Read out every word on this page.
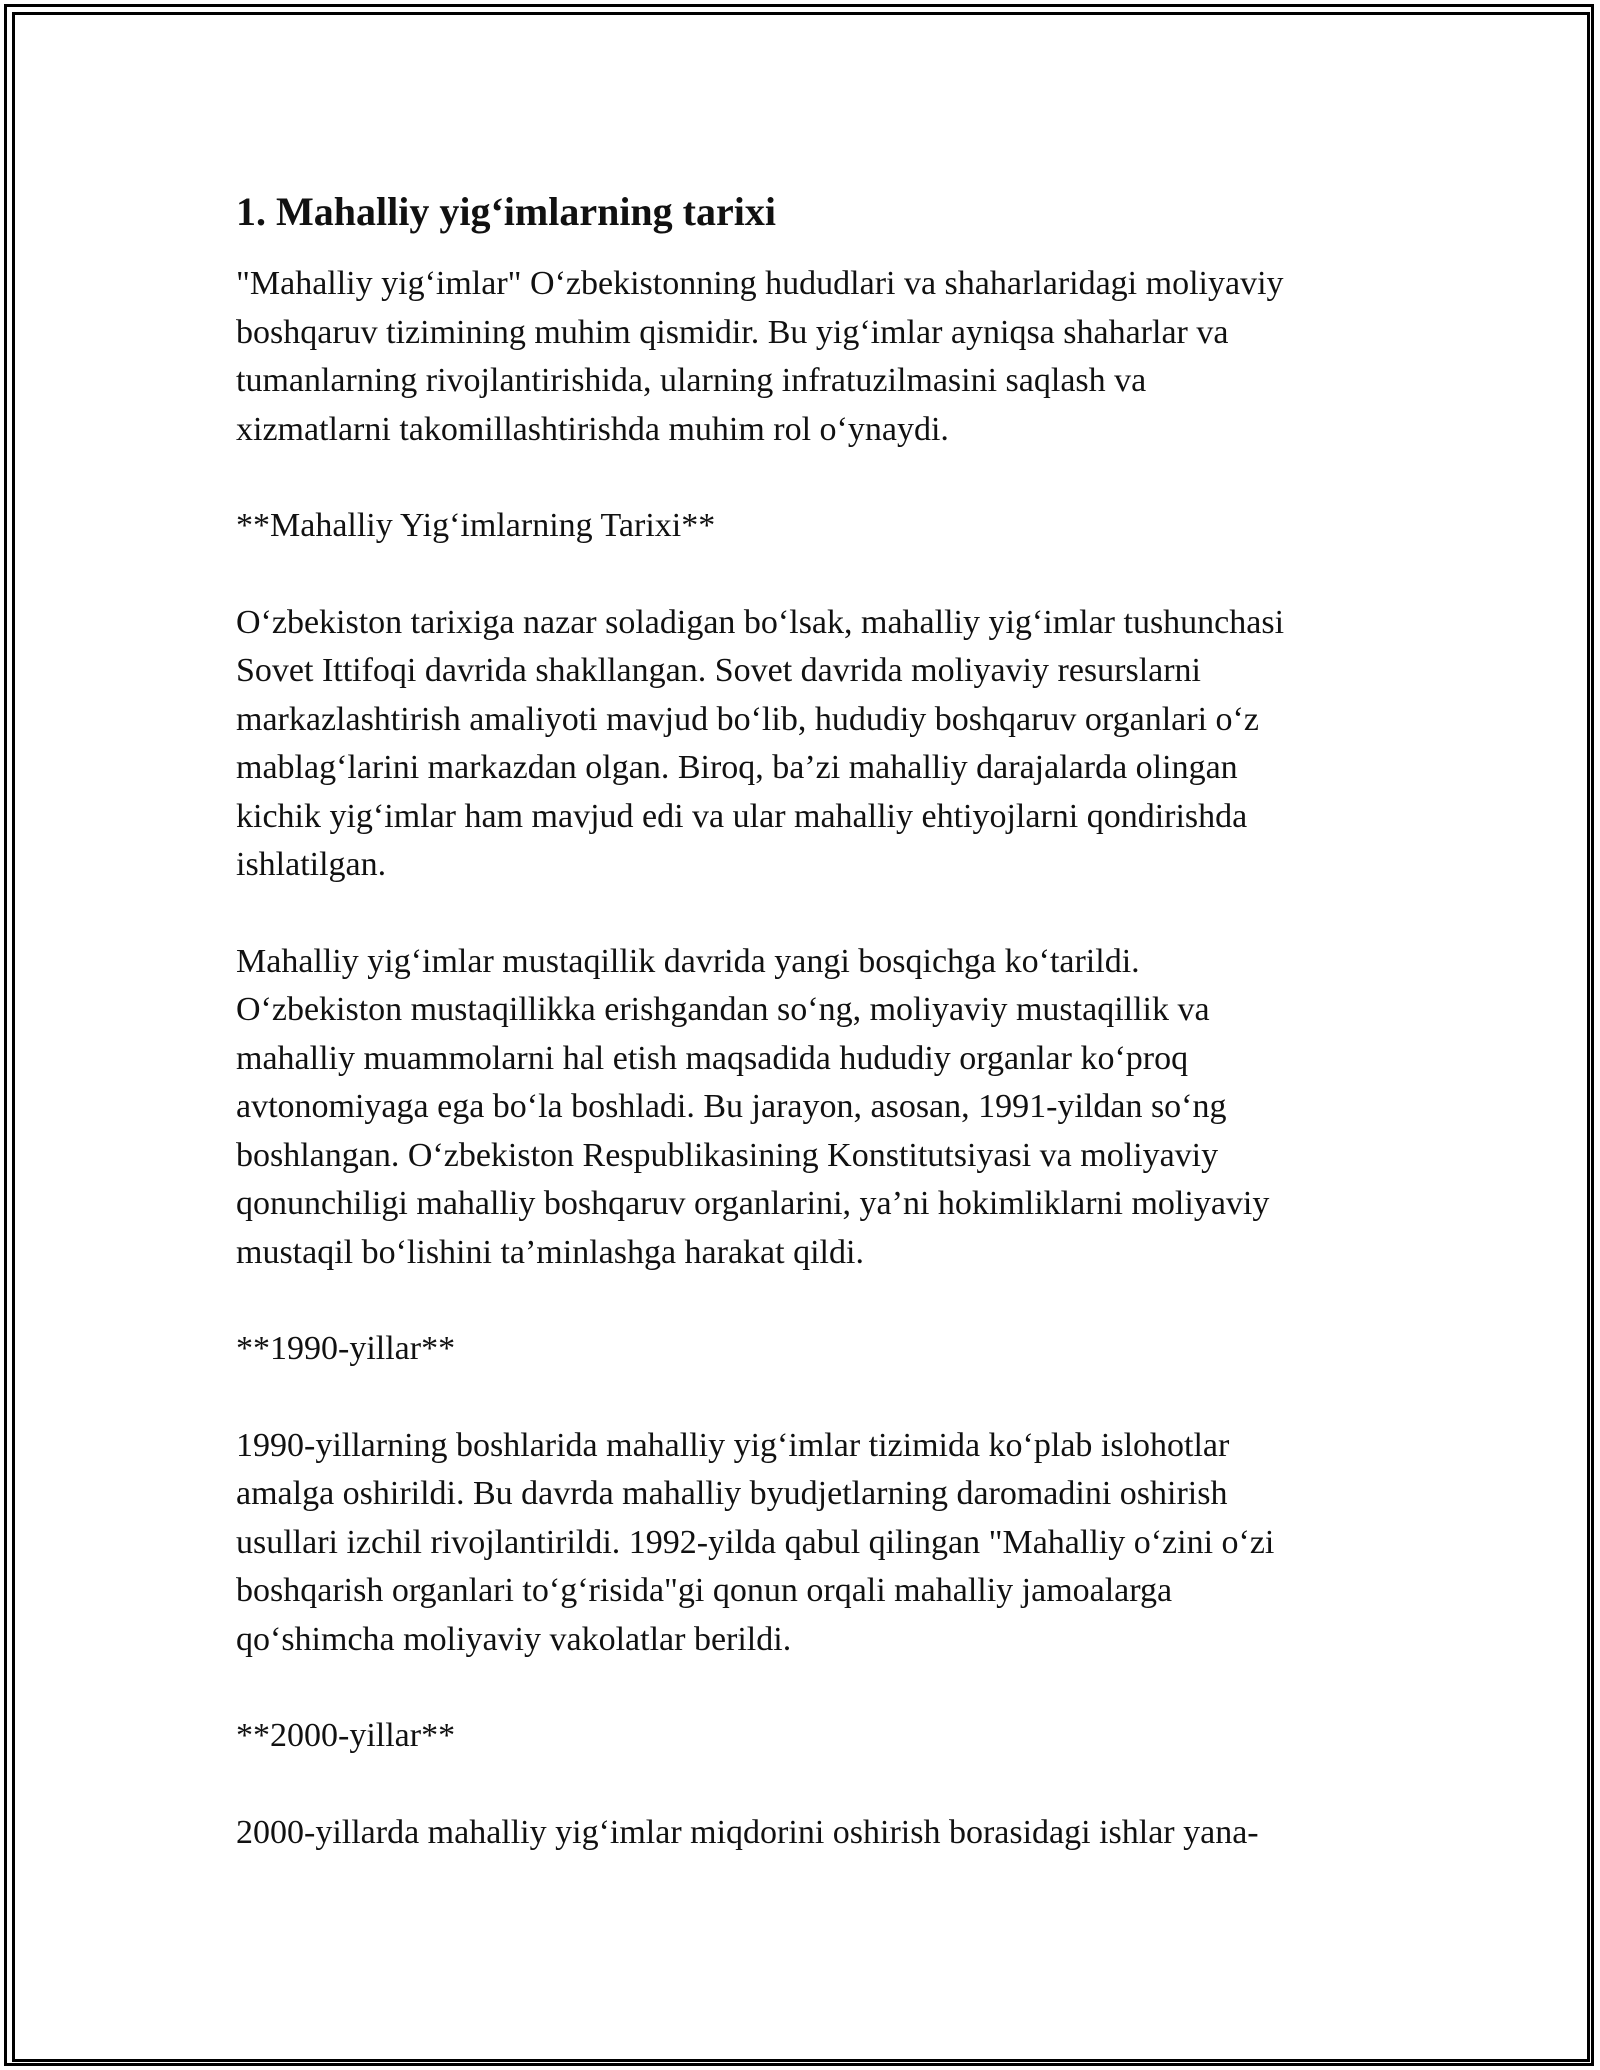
1. Mahalliy yig‘imlarning tarixi

"Mahalliy yig‘imlar" O‘zbekistonning hududlari va shaharlaridagi moliyaviy
boshqaruv tizimining muhim qismidir. Bu yig‘imlar ayniqsa shaharlar va
tumanlarning rivojlantirishida, ularning infratuzilmasini saqlash va
xizmatlarni takomillashtirishda muhim rol o‘ynaydi.

**Mahalliy Yig‘imlarning Tarixi**

O‘zbekiston tarixiga nazar soladigan bo‘lsak, mahalliy yig‘imlar tushunchasi
Sovet Ittifoqi davrida shakllangan. Sovet davrida moliyaviy resurslarni
markazlashtirish amaliyoti mavjud bo‘lib, hududiy boshqaruv organlari o‘z
mablag‘larini markazdan olgan. Biroq, ba’zi mahalliy darajalarda olingan
kichik yig‘imlar ham mavjud edi va ular mahalliy ehtiyojlarni qondirishda
ishlatilgan.

Mahalliy yig‘imlar mustaqillik davrida yangi bosqichga ko‘tarildi.
O‘zbekiston mustaqillikka erishgandan so‘ng, moliyaviy mustaqillik va
mahalliy muammolarni hal etish maqsadida hududiy organlar ko‘proq
avtonomiyaga ega bo‘la boshladi. Bu jarayon, asosan, 1991-yildan so‘ng
boshlangan. O‘zbekiston Respublikasining Konstitutsiyasi va moliyaviy
qonunchiligi mahalliy boshqaruv organlarini, ya’ni hokimliklarni moliyaviy
mustaqil bo‘lishini ta’minlashga harakat qildi.

**1990-yillar**

1990-yillarning boshlarida mahalliy yig‘imlar tizimida ko‘plab islohotlar
amalga oshirildi. Bu davrda mahalliy byudjetlarning daromadini oshirish
usullari izchil rivojlantirildi. 1992-yilda qabul qilingan "Mahalliy o‘zini o‘zi
boshqarish organlari to‘g‘risida"gi qonun orqali mahalliy jamoalarga
qo‘shimcha moliyaviy vakolatlar berildi.

**2000-yillar**

2000-yillarda mahalliy yig‘imlar miqdorini oshirish borasidagi ishlar yana-
